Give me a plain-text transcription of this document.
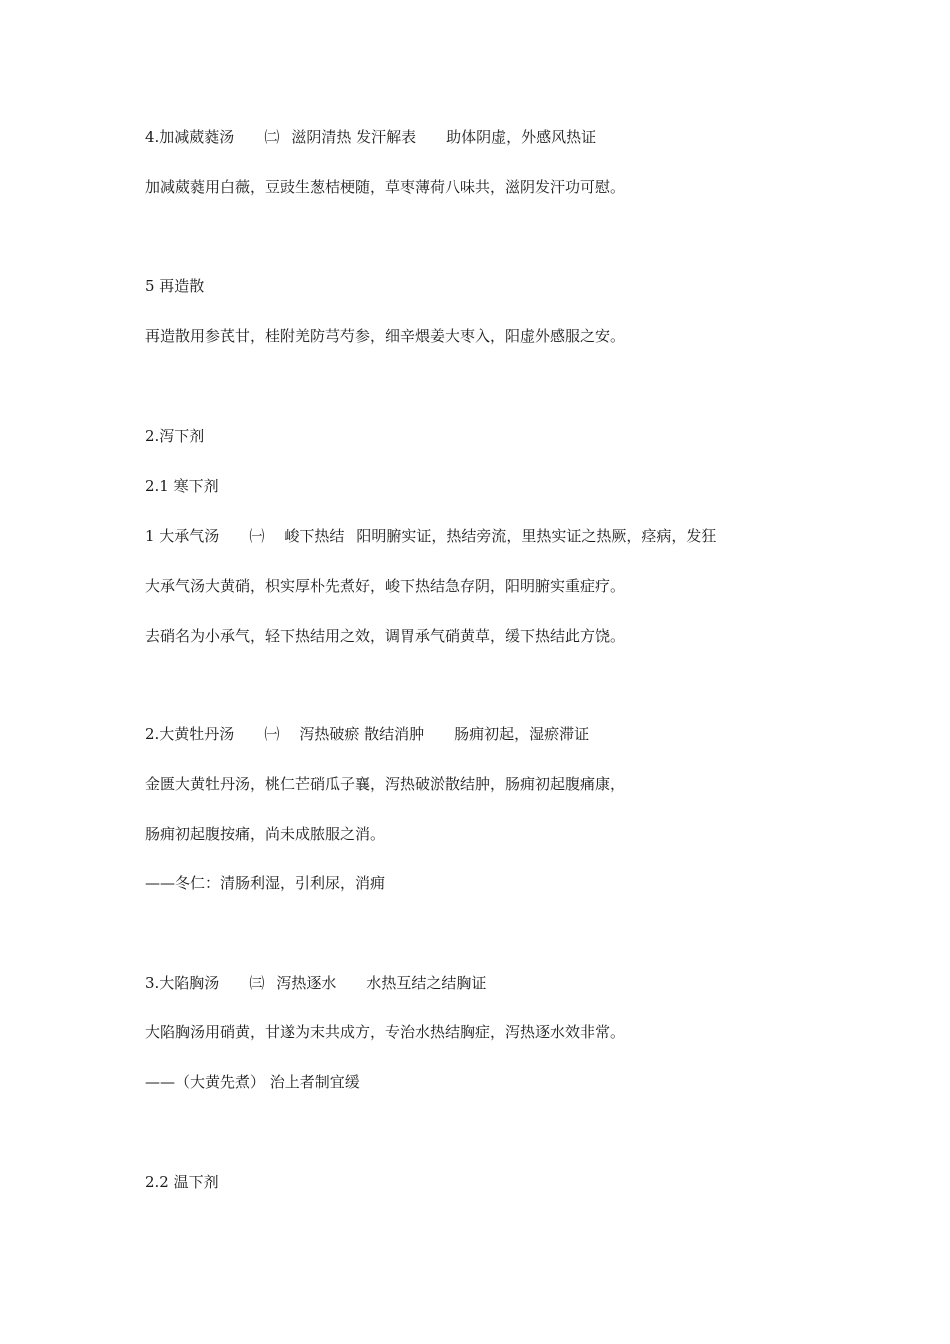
4.加减葳蕤汤 ㈡ 滋阴清热 发汗解表 助体阴虚，外感风热证
加减葳蕤用白薇，豆豉生葱桔梗随，草枣薄荷八味共，滋阴发汗功可慰。
5 再造散
再造散用参芪甘，桂附羌防芎芍参，细辛煨姜大枣入，阳虚外感服之安。
2.泻下剂
2.1 寒下剂
1 大承气汤 ㈠ 峻下热结 阳明腑实证，热结旁流，里热实证之热厥，痉病，发狂
大承气汤大黄硝，枳实厚朴先煮好，峻下热结急存阴，阳明腑实重症疗。
去硝名为小承气，轻下热结用之效，调胃承气硝黄草，缓下热结此方饶。
2.大黄牡丹汤 ㈠ 泻热破瘀 散结消肿 肠痈初起，湿瘀滞证
金匮大黄牡丹汤，桃仁芒硝瓜子襄，泻热破淤散结肿，肠痈初起腹痛康，
肠痈初起腹按痛，尚未成脓服之消。
——冬仁：清肠利湿，引利尿，消痈
3.大陷胸汤 ㈢ 泻热逐水 水热互结之结胸证
大陷胸汤用硝黄，甘遂为末共成方，专治水热结胸症，泻热逐水效非常。
——（大黄先煮） 治上者制宜缓
2.2 温下剂
